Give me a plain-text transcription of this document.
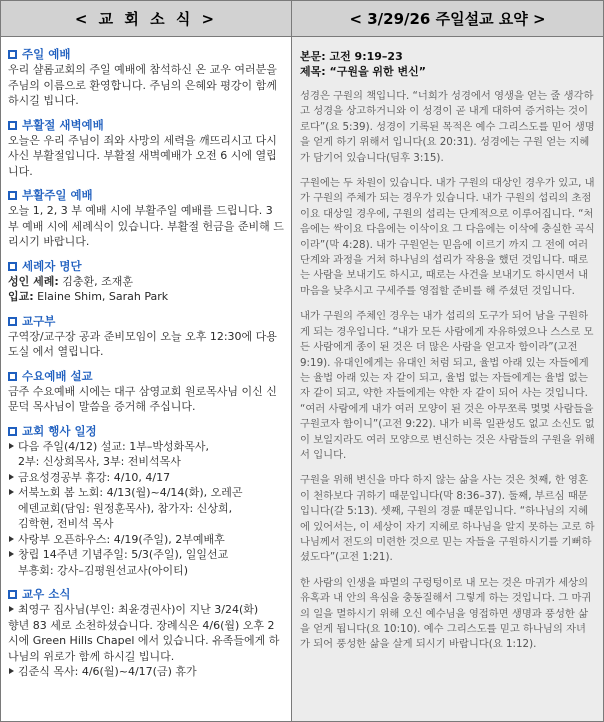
< 교 회 소 식 >	< 3/29/26 주일설교 요약 >
주일 예배
우리 샬롬교회의 주일 예배에 참석하신 온 교우 여러분을 주님의 이름으로 환영합니다. 주님의 은혜와 평강이 함께 하시길 빕니다.
부활절 새벽예배
오늘은 우리 주님이 죄와 사망의 세력을 깨뜨리시고 다시 사신 부활절입니다. 부활절 새벽예배가 오전 6 시에 열립니다.
부활주일 예배
오늘 1, 2, 3 부 예배 시에 부활주일 예배를 드립니다. 3 부 예배 시에 세례식이 있습니다. 부활절 헌금을 준비해 드리시기 바랍니다.
세례자 명단
성인 세례: 김충환, 조재훈
입교: Elaine Shim, Sarah Park
교구부
구역장/교구장 공과 준비모임이 오늘 오후 12:30에 다용도실 에서 열립니다.
수요예배 설교
금주 수요예배 시에는 대구 삼영교회 원로목사님 이신 신문덕 목사님이 말씀을 증거해 주십니다.
교회 행사 일정
다음 주일(4/12) 설교: 1부–박성화목사,
2부: 신상희목사, 3부: 전비석목사
금요성경공부 휴강: 4/10, 4/17
서북노회 봄 노회: 4/13(월)~4/14(화), 오레곤
에덴교회(담임: 원정훈목사), 참가자: 신상희,
김학현, 전비석 목사
사랑부 오픈하우스: 4/19(주일), 2부예배후
창립 14주년 기념주일: 5/3(주일), 일일선교
부흥회: 강사–김평원선교사(아이티)
교우 소식
최영구 집사님(부인: 최윤경권사)이 지난 3/24(화)
향년 83 세로 소천하셨습니다. 장례식은 4/6(월) 오후 2 시에 Green Hills Chapel 에서 있습니다. 유족들에게 하나님의 위로가 함께 하시길 빕니다.
김준식 목사: 4/6(월)~4/17(금) 휴가
본문: 고전 9:19–23
제목: “구원을 위한 변신”
성경은 구원의 책입니다. “너희가 성경에서 영생을 얻는 줄 생각하고 성경을 상고하거니와 이 성경이 곧 내게 대하여 증거하는 것이로다”(요 5:39). 성경이 기록된 목적은 예수 그리스도를 믿어 생명을 얻게 하기 위해서 입니다(요 20:31). 성경에는 구원 얻는 지혜가 담기어 있습니다(딤후 3:15).
구원에는 두 차원이 있습니다. 내가 구원의 대상인 경우가 있고, 내가 구원의 주체가 되는 경우가 있습니다. 내가 구원의 섭리의 초점이요 대상일 경우에, 구원의 섭리는 단계적으로 이루어집니다. “처음에는 싹이요 다음에는 이삭이요 그 다음에는 이삭에 충실한 곡식이라”(막 4:28). 내가 구원얻는 믿음에 이르기 까지 그 전에 여러 단계와 과정을 거쳐 하나님의 섭리가 작용을 했던 것입니다. 때로는 사람을 보내기도 하시고, 때로는 사건을 보내기도 하시면서 내 마음을 낮추시고 구세주를 영접할 준비를 해 주셨던 것입니다.
내가 구원의 주체인 경우는 내가 섭리의 도구가 되어 남을 구원하게 되는 경우입니다. “내가 모든 사람에게 자유하였으나 스스로 모든 사람에게 종이 된 것은 더 많은 사람을 얻고자 함이라”(고전 9:19). 유대인에게는 유대인 처럼 되고, 율법 아래 있는 자들에게는 율법 아래 있는 자 같이 되고, 율법 없는 자들에게는 율법 없는 자 같이 되고, 약한 자들에게는 약한 자 같이 되어 사는 것입니다. “여러 사람에게 내가 여러 모양이 된 것은 아무쪼록 몇몇 사람들을 구원코자 함이니”(고전 9:22). 내가 비록 일관성도 없고 소신도 없이 보일지라도 여러 모양으로 변신하는 것은 사람들의 구원을 위해서 입니다.
구원을 위해 변신을 마다 하지 않는 삶을 사는 것은 첫째, 한 영혼이 천하보다 귀하기 때문입니다(막 8:36–37). 둘째, 부르심 때문입니다(갈 5:13). 셋째, 구원의 경륜 때문입니다. “하나님의 지혜에 있어서는, 이 세상이 자기 지혜로 하나님을 알지 못하는 고로 하나님께서 전도의 미련한 것으로 믿는 자들을 구원하시기를 기뻐하셨도다”(고전 1:21).
한 사람의 인생을 파멸의 구렁텅이로 내 모는 것은 마귀가 세상의 유혹과 내 안의 욕심을 충동질해서 그렇게 하는 것입니다. 그 마귀의 일을 멸하시기 위해 오신 예수님을 영접하면 생명과 풍성한 삶을 얻게 됩니다(요 10:10). 예수 그리스도를 믿고 하나님의 자녀가 되어 풍성한 삶을 살게 되시기 바랍니다(요 1:12).
